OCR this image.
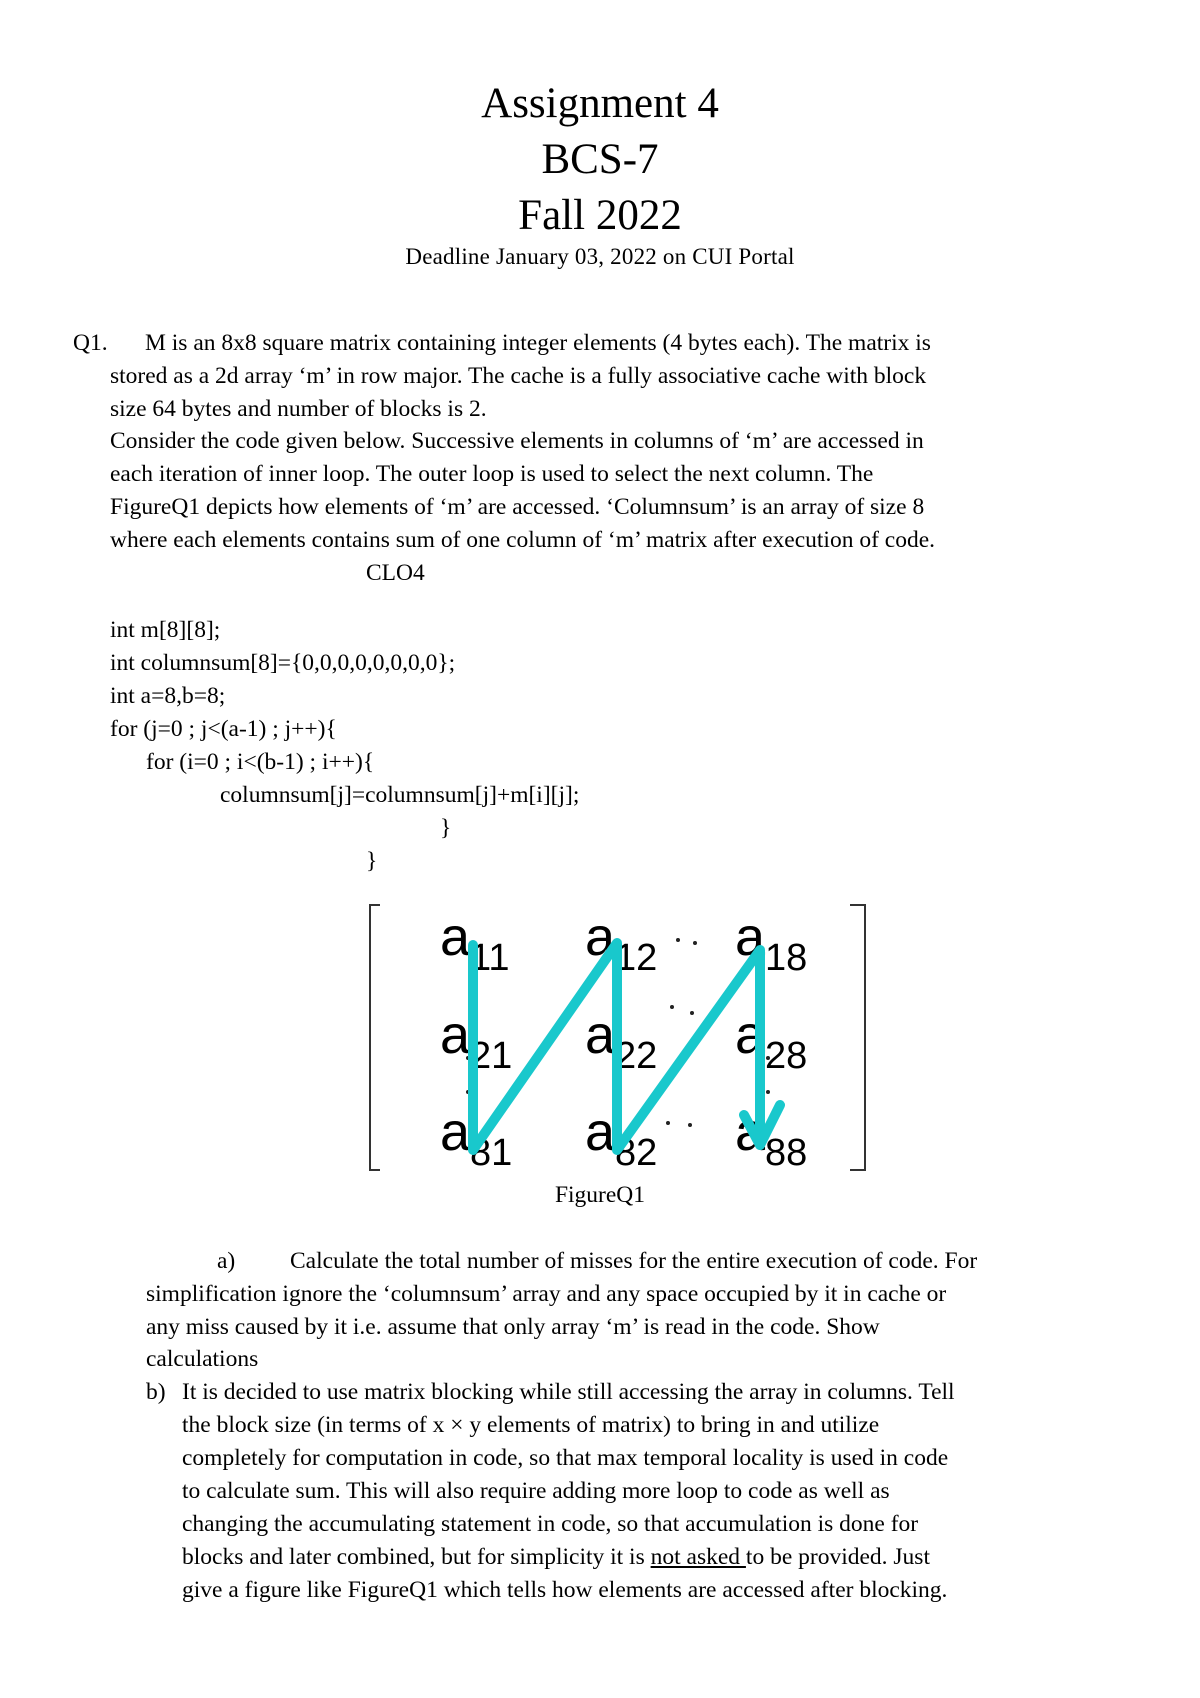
Assignment 4
BCS-7
Fall 2022
Deadline January 03, 2022 on CUI Portal
Q1. M is an 8x8 square matrix containing integer elements (4 bytes each). The matrix is
stored as a 2d array ‘m’ in row major. The cache is a fully associative cache with block
size 64 bytes and number of blocks is 2.
Consider the code given below. Successive elements in columns of ‘m’ are accessed in
each iteration of inner loop. The outer loop is used to select the next column. The
FigureQ1 depicts how elements of ‘m’ are accessed. ‘Columnsum’ is an array of size 8
where each elements contains sum of one column of ‘m’ matrix after execution of code.
CLO4
int m[8][8];
int columnsum[8]={0,0,0,0,0,0,0,0};
int a=8,b=8;
for (j=0 ; j<(a-1) ; j++){
for (i=0 ; i<(b-1) ; i++){
columnsum[j]=columnsum[j]+m[i][j];
}
}
a 11 a 12 a 18
a 21 a 22 a 28
a 81 a 82 a 88
FigureQ1
a) Calculate the total number of misses for the entire execution of code. For
simplification ignore the ‘columnsum’ array and any space occupied by it in cache or
any miss caused by it i.e. assume that only array ‘m’ is read in the code. Show
calculations
b) It is decided to use matrix blocking while still accessing the array in columns. Tell
the block size (in terms of x × y elements of matrix) to bring in and utilize
completely for computation in code, so that max temporal locality is used in code
to calculate sum. This will also require adding more loop to code as well as
changing the accumulating statement in code, so that accumulation is done for
blocks and later combined, but for simplicity it is not asked to be provided. Just
give a figure like FigureQ1 which tells how elements are accessed after blocking.
